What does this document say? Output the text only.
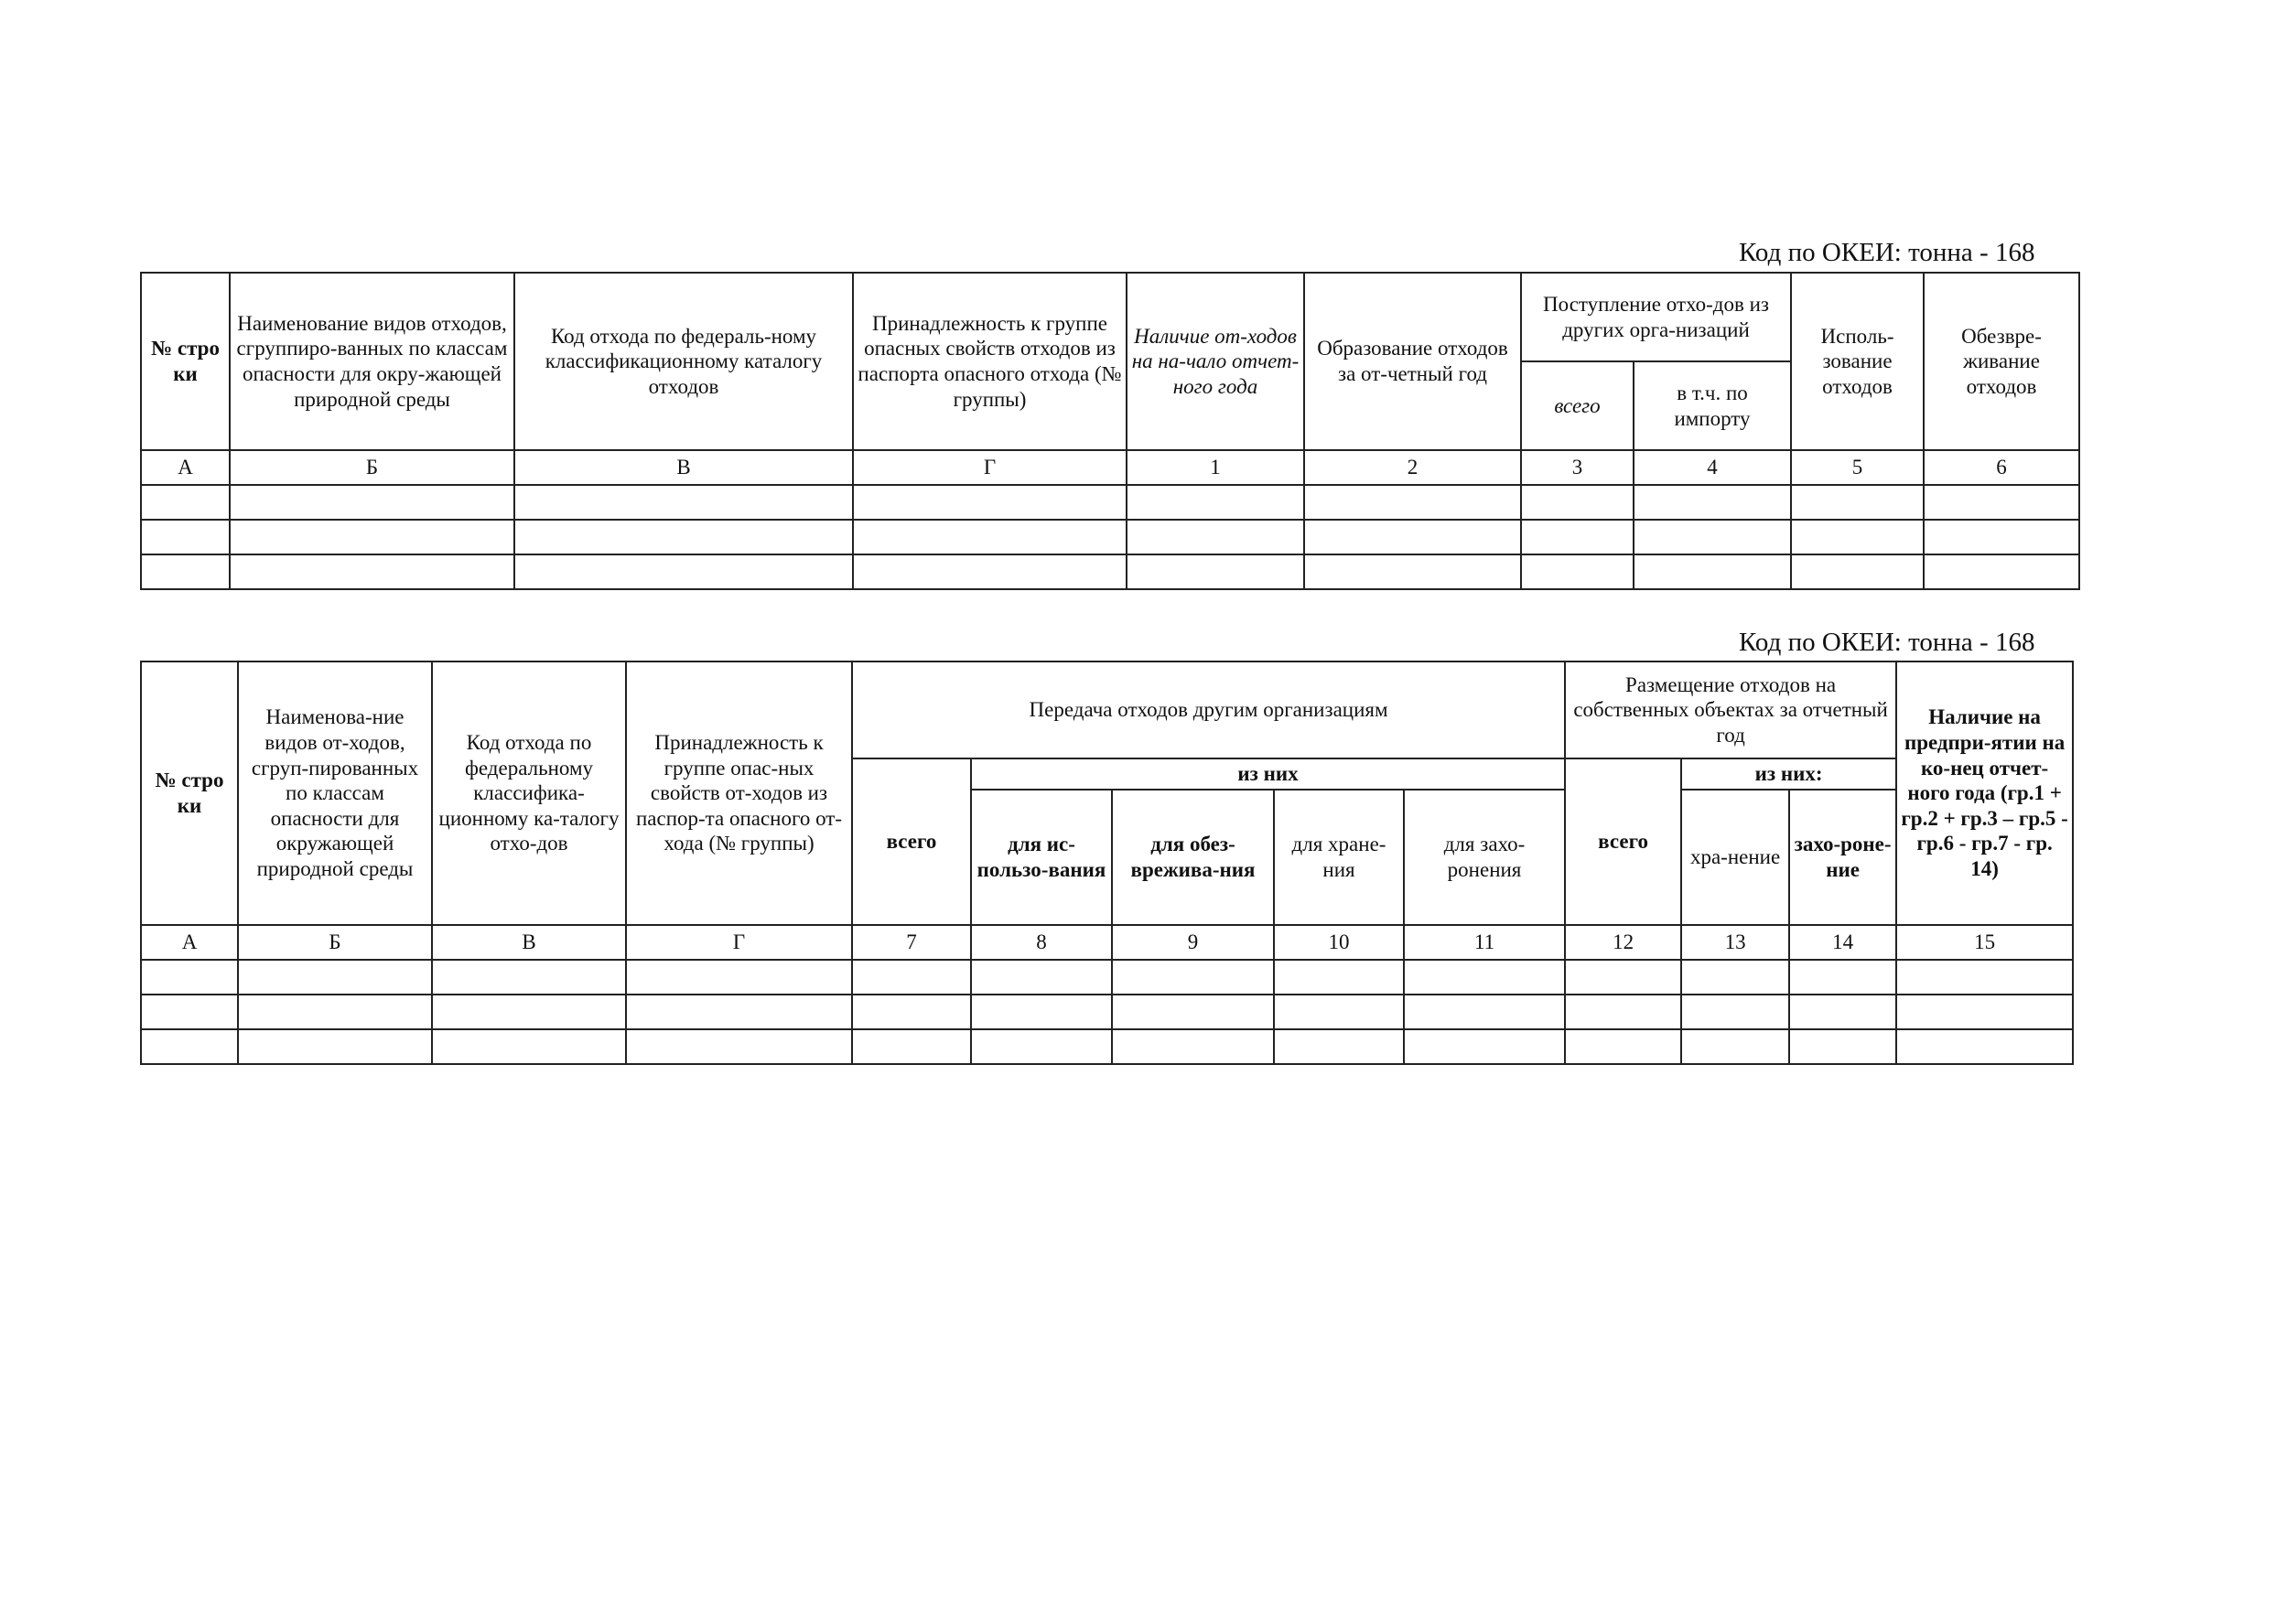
Код по ОКЕИ: тонна - 168
№ стро ки	Наименование видов отходов, сгруппиро-ванных по классам опасности для окру-жающей природной среды	Код отхода по федераль-ному классификационному каталогу отходов	Принадлежность к группе опасных свойств отходов из паспорта опасного отхода (№ группы)	Наличие от-ходов на на-чало отчет-ного года	Образование отходов за от-четный год	Поступление отхо-дов из других орга-низаций		Исполь-зование отходов	Обезвре-живание отходов
						всего	в т.ч. по импорту		
А	Б	В	Г	1	2	3	4	5	6

Код по ОКЕИ: тонна - 168
№ стро ки	Наименова-ние видов от-ходов, сгруп-пированных по классам опасности для окружающей природной среды	Код отхода по федеральному классифика-ционному ка-талогу отхо-дов	Принадлежность к группе опас-ных свойств от-ходов из паспор-та опасного от-хода (№ группы)	Передача отходов другим организациям					Размещение отходов на собственных объектах за отчетный год			Наличие на предпри-ятии на ко-нец отчет-ного года (гр.1 + гр.2 + гр.3 – гр.5 - гр.6 - гр.7 - гр. 14)
				всего	из них				всего	из них:		
					для ис-пользо-вания	для обез-врежива-ния	для хране-ния	для захо-ронения		хра-нение	захо-роне-ние	
А	Б	В	Г	7	8	9	10	11	12	13	14	15
